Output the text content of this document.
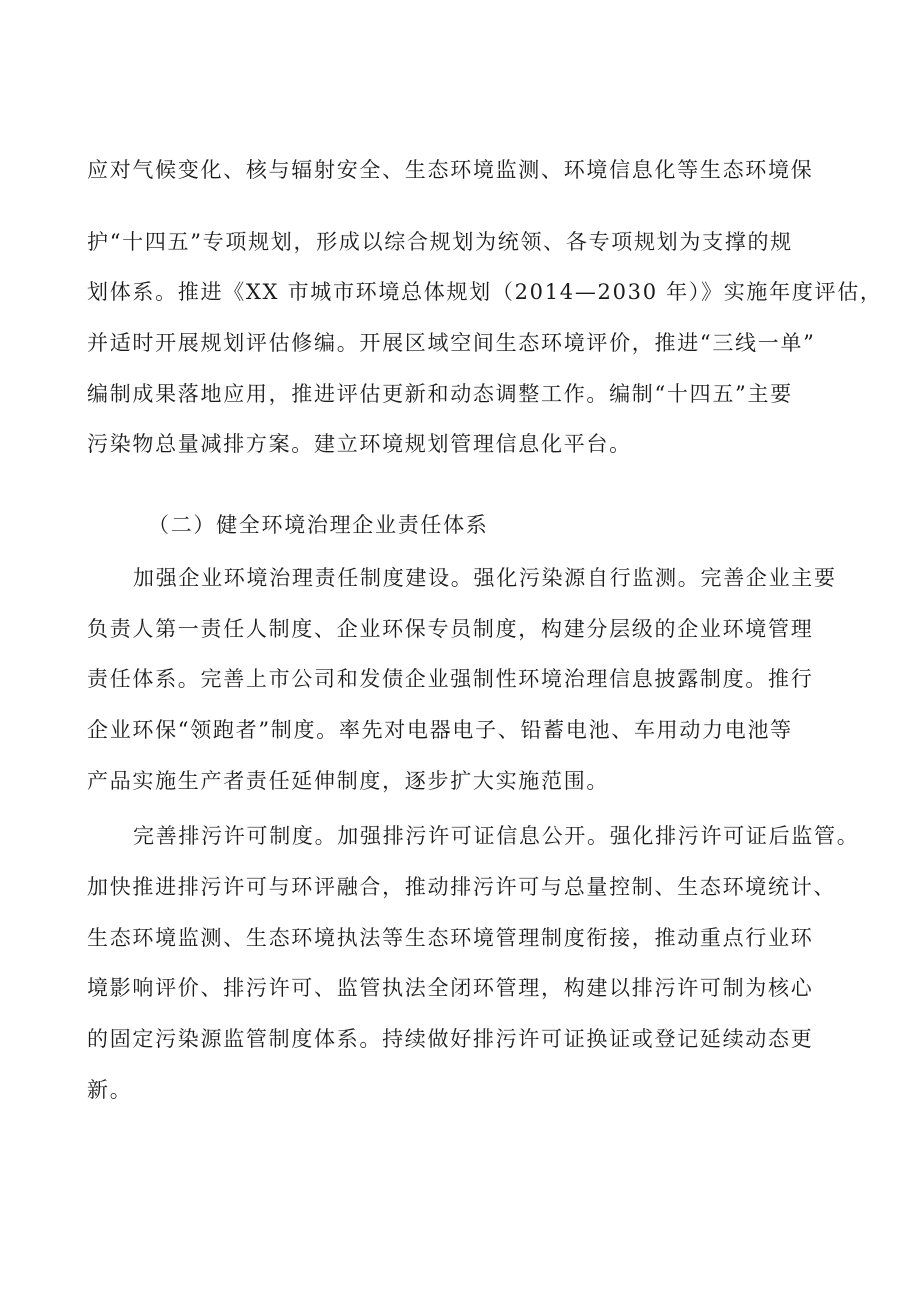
应对气候变化、核与辐射安全、生态环境监测、环境信息化等生态环境保
护“十四五”专项规划，形成以综合规划为统领、各专项规划为支撑的规
划体系。推进《XX 市城市环境总体规划（2014—2030 年）》实施年度评估，
并适时开展规划评估修编。开展区域空间生态环境评价，推进“三线一单”
编制成果落地应用，推进评估更新和动态调整工作。编制“十四五”主要
污染物总量减排方案。建立环境规划管理信息化平台。
（二）健全环境治理企业责任体系
加强企业环境治理责任制度建设。强化污染源自行监测。完善企业主要
负责人第一责任人制度、企业环保专员制度，构建分层级的企业环境管理
责任体系。完善上市公司和发债企业强制性环境治理信息披露制度。推行
企业环保“领跑者”制度。率先对电器电子、铅蓄电池、车用动力电池等
产品实施生产者责任延伸制度，逐步扩大实施范围。
完善排污许可制度。加强排污许可证信息公开。强化排污许可证后监管。
加快推进排污许可与环评融合，推动排污许可与总量控制、生态环境统计、
生态环境监测、生态环境执法等生态环境管理制度衔接，推动重点行业环
境影响评价、排污许可、监管执法全闭环管理，构建以排污许可制为核心
的固定污染源监管制度体系。持续做好排污许可证换证或登记延续动态更
新。
